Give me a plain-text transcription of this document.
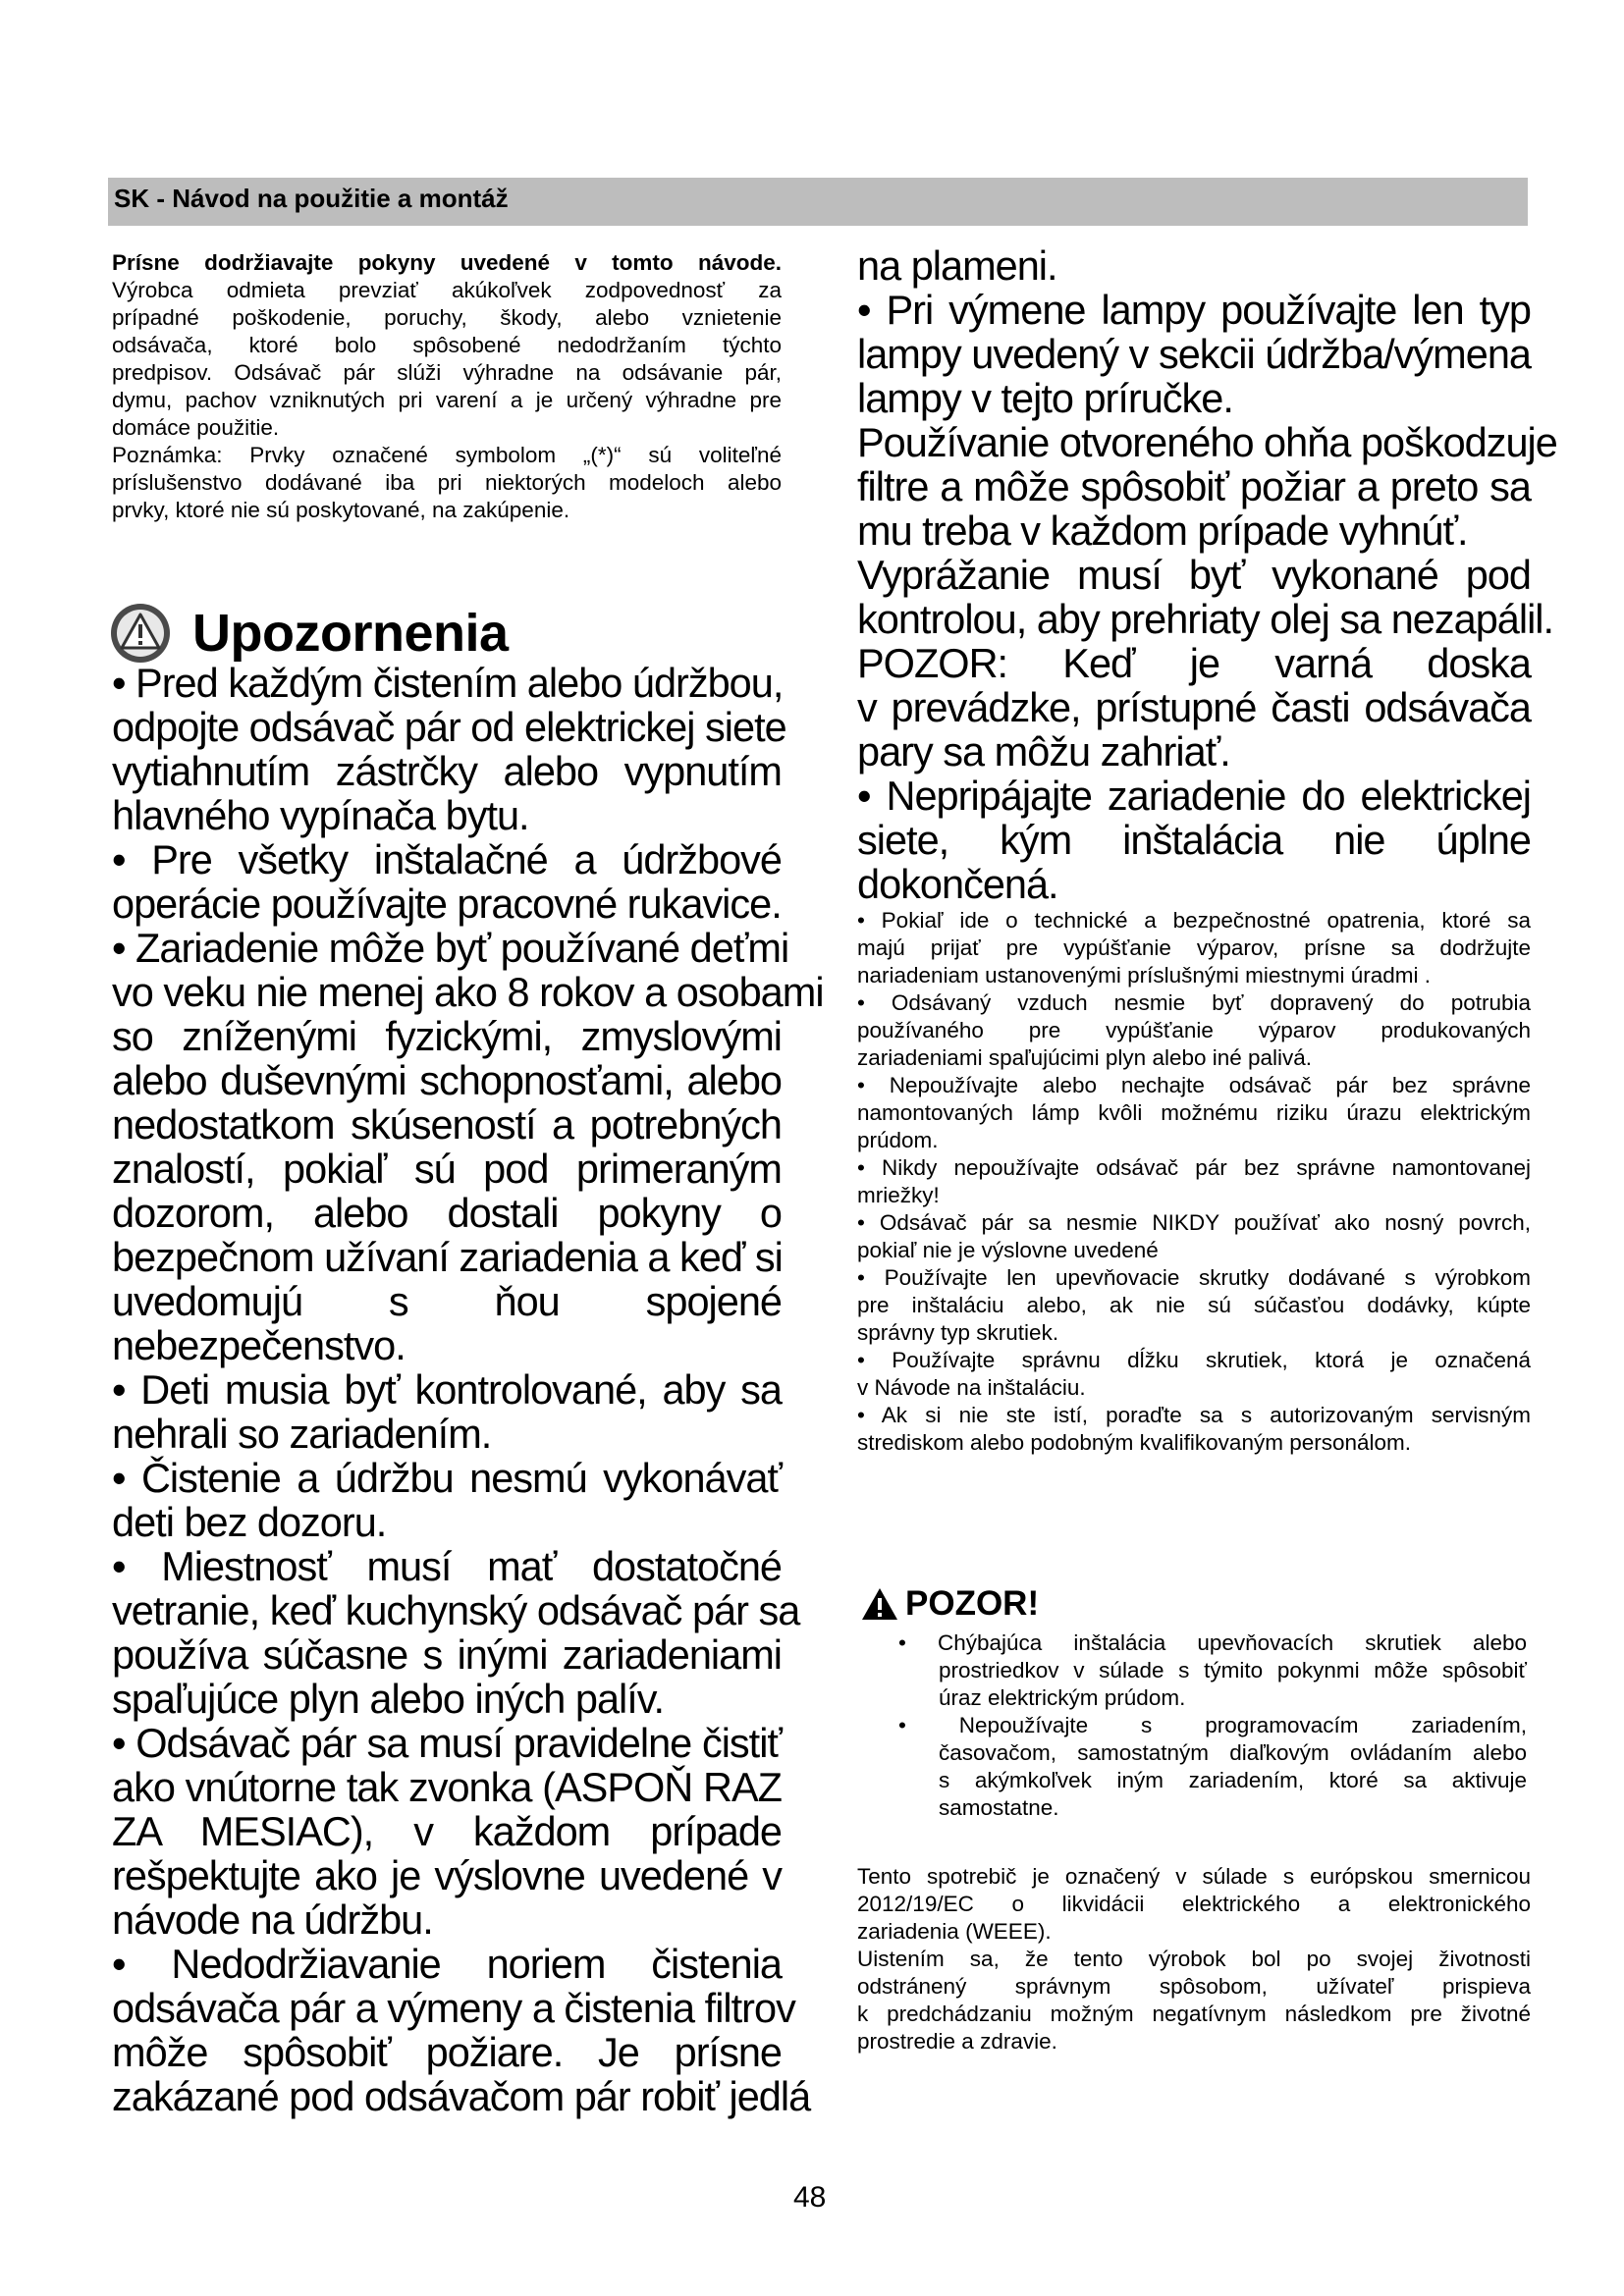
SK - Návod na použitie a montáž
Prísne dodržiavajte pokyny uvedené v tomto návode.
Výrobca odmieta prevziať akúkoľvek zodpovednosť za
prípadné poškodenie, poruchy, škody, alebo vznietenie
odsávača, ktoré bolo spôsobené nedodržaním týchto
predpisov. Odsávač pár slúži výhradne na odsávanie pár,
dymu, pachov vzniknutých pri varení a je určený výhradne pre
domáce použitie.
Poznámka: Prvky označené symbolom „(*)“ sú voliteľné
príslušenstvo dodávané iba pri niektorých modeloch alebo
prvky, ktoré nie sú poskytované, na zakúpenie.
Upozornenia
• Pred každým čistením alebo údržbou,
odpojte odsávač pár od elektrickej siete
vytiahnutím zástrčky alebo vypnutím
hlavného vypínača bytu.
• Pre všetky inštalačné a údržbové
operácie používajte pracovné rukavice.
• Zariadenie môže byť používané deťmi
vo veku nie menej ako 8 rokov a osobami
so zníženými fyzickými, zmyslovými
alebo duševnými schopnosťami, alebo
nedostatkom skúseností a potrebných
znalostí, pokiaľ sú pod primeraným
dozorom, alebo dostali pokyny o
bezpečnom užívaní zariadenia a keď si
uvedomujú s ňou spojené
nebezpečenstvo.
• Deti musia byť kontrolované, aby sa
nehrali so zariadením.
• Čistenie a údržbu nesmú vykonávať
deti bez dozoru.
• Miestnosť musí mať dostatočné
vetranie, keď kuchynský odsávač pár sa
používa súčasne s inými zariadeniami
spaľujúce plyn alebo iných palív.
• Odsávač pár sa musí pravidelne čistiť
ako vnútorne tak zvonka (ASPOŇ RAZ
ZA MESIAC), v každom prípade
rešpektujte ako je výslovne uvedené v
návode na údržbu.
• Nedodržiavanie noriem čistenia
odsávača pár a výmeny a čistenia filtrov
môže spôsobiť požiare. Je prísne
zakázané pod odsávačom pár robiť jedlá
na plameni.
• Pri výmene lampy používajte len typ
lampy uvedený v sekcii údržba/výmena
lampy v tejto príručke.
Používanie otvoreného ohňa poškodzuje
filtre a môže spôsobiť požiar a preto sa
mu treba v každom prípade vyhnúť.
Vyprážanie musí byť vykonané pod
kontrolou, aby prehriaty olej sa nezapálil.
POZOR: Keď je varná doska
v prevádzke, prístupné časti odsávača
pary sa môžu zahriať.
• Nepripájajte zariadenie do elektrickej
siete, kým inštalácia nie úplne
dokončená.
• Pokiaľ ide o technické a bezpečnostné opatrenia, ktoré sa
majú prijať pre vypúšťanie výparov, prísne sa dodržujte
nariadeniam ustanovenými príslušnými miestnymi úradmi .
• Odsávaný vzduch nesmie byť dopravený do potrubia
používaného pre vypúšťanie výparov produkovaných
zariadeniami spaľujúcimi plyn alebo iné palivá.
• Nepoužívajte alebo nechajte odsávač pár bez správne
namontovaných lámp kvôli možnému riziku úrazu elektrickým
prúdom.
• Nikdy nepoužívajte odsávač pár bez správne namontovanej
mriežky!
• Odsávač pár sa nesmie NIKDY používať ako nosný povrch,
pokiaľ nie je výslovne uvedené
• Používajte len upevňovacie skrutky dodávané s výrobkom
pre inštaláciu alebo, ak nie sú súčasťou dodávky, kúpte
správny typ skrutiek.
• Používajte správnu dĺžku skrutiek, ktorá je označená
v Návode na inštaláciu.
• Ak si nie ste istí, poraďte sa s autorizovaným servisným
strediskom alebo podobným kvalifikovaným personálom.
POZOR!
• Chýbajúca inštalácia upevňovacích skrutiek alebo
prostriedkov v súlade s týmito pokynmi môže spôsobiť
úraz elektrickým prúdom.
• Nepoužívajte s programovacím zariadením,
časovačom, samostatným diaľkovým ovládaním alebo
s akýmkoľvek iným zariadením, ktoré sa aktivuje
samostatne.
Tento spotrebič je označený v súlade s európskou smernicou
2012/19/EC o likvidácii elektrického a elektronického
zariadenia (WEEE).
Uistením sa, že tento výrobok bol po svojej životnosti
odstránený správnym spôsobom, užívateľ prispieva
k predchádzaniu možným negatívnym následkom pre životné
prostredie a zdravie.
48
